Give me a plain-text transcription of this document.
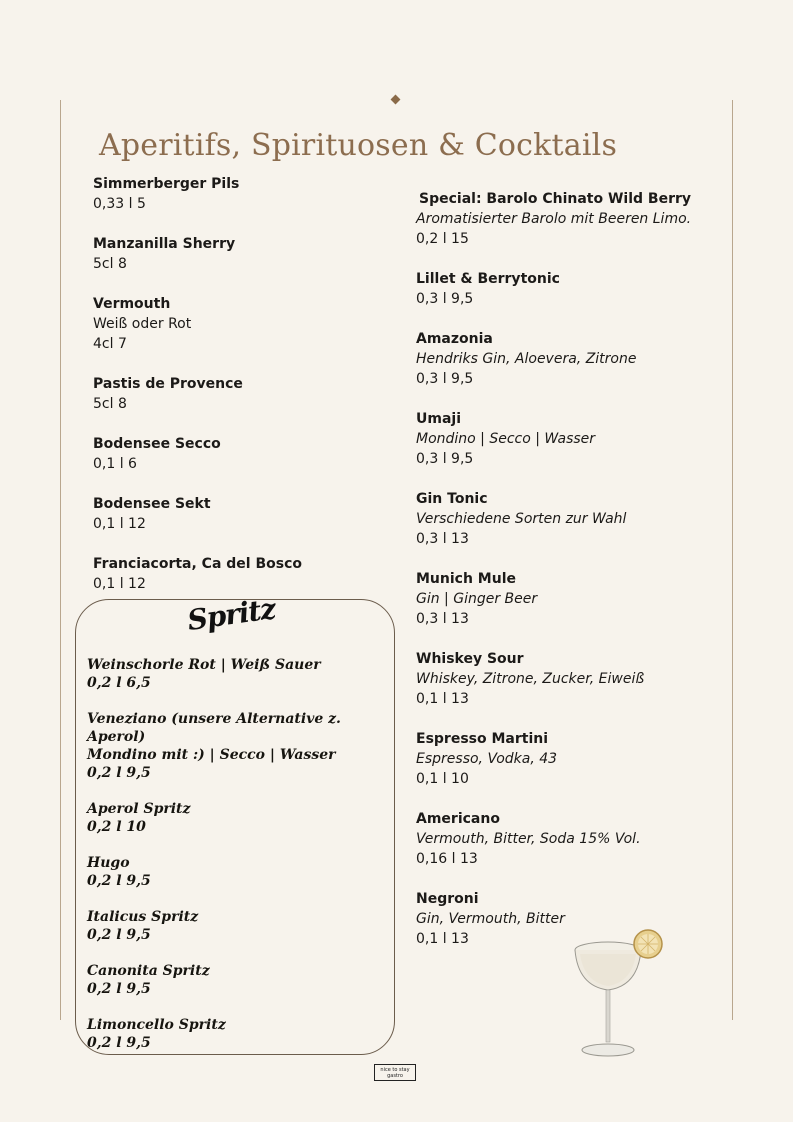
Aperitifs, Spirituosen & Cocktails
Simmerberger Pils
0,33 l 5
Manzanilla Sherry
5cl 8
Vermouth
Weiß oder Rot
4cl 7
Pastis de Provence
5cl 8
Bodensee Secco
0,1 l 6
Bodensee Sekt
0,1 l 12
Franciacorta, Ca del Bosco
0,1 l 12
Special: Barolo Chinato Wild Berry
Aromatisierter Barolo mit Beeren Limo.
0,2 l 15
Lillet & Berrytonic
0,3 l 9,5
Amazonia
Hendriks Gin, Aloevera, Zitrone
0,3 l 9,5
Umaji
Mondino | Secco | Wasser
0,3 l 9,5
Gin Tonic
Verschiedene Sorten zur Wahl
0,3 l 13
Munich Mule
Gin | Ginger Beer
0,3 l 13
Whiskey Sour
Whiskey, Zitrone, Zucker, Eiweiß
0,1 l 13
Espresso Martini
Espresso, Vodka, 43
0,1 l 10
Americano
Vermouth, Bitter, Soda 15% Vol.
0,16 l 13
Negroni
Gin, Vermouth, Bitter
0,1 l 13
Spritz
Weinschorle Rot | Weiß Sauer
0,2 l 6,5
Veneziano (unsere Alternative z. Aperol)
Mondino mit :) | Secco | Wasser
0,2 l 9,5
Aperol Spritz
0,2 l 10
Hugo
0,2 l 9,5
Italicus Spritz
0,2 l 9,5
Canonita Spritz
0,2 l 9,5
Limoncello Spritz
0,2 l 9,5
nice to stay
gastro
